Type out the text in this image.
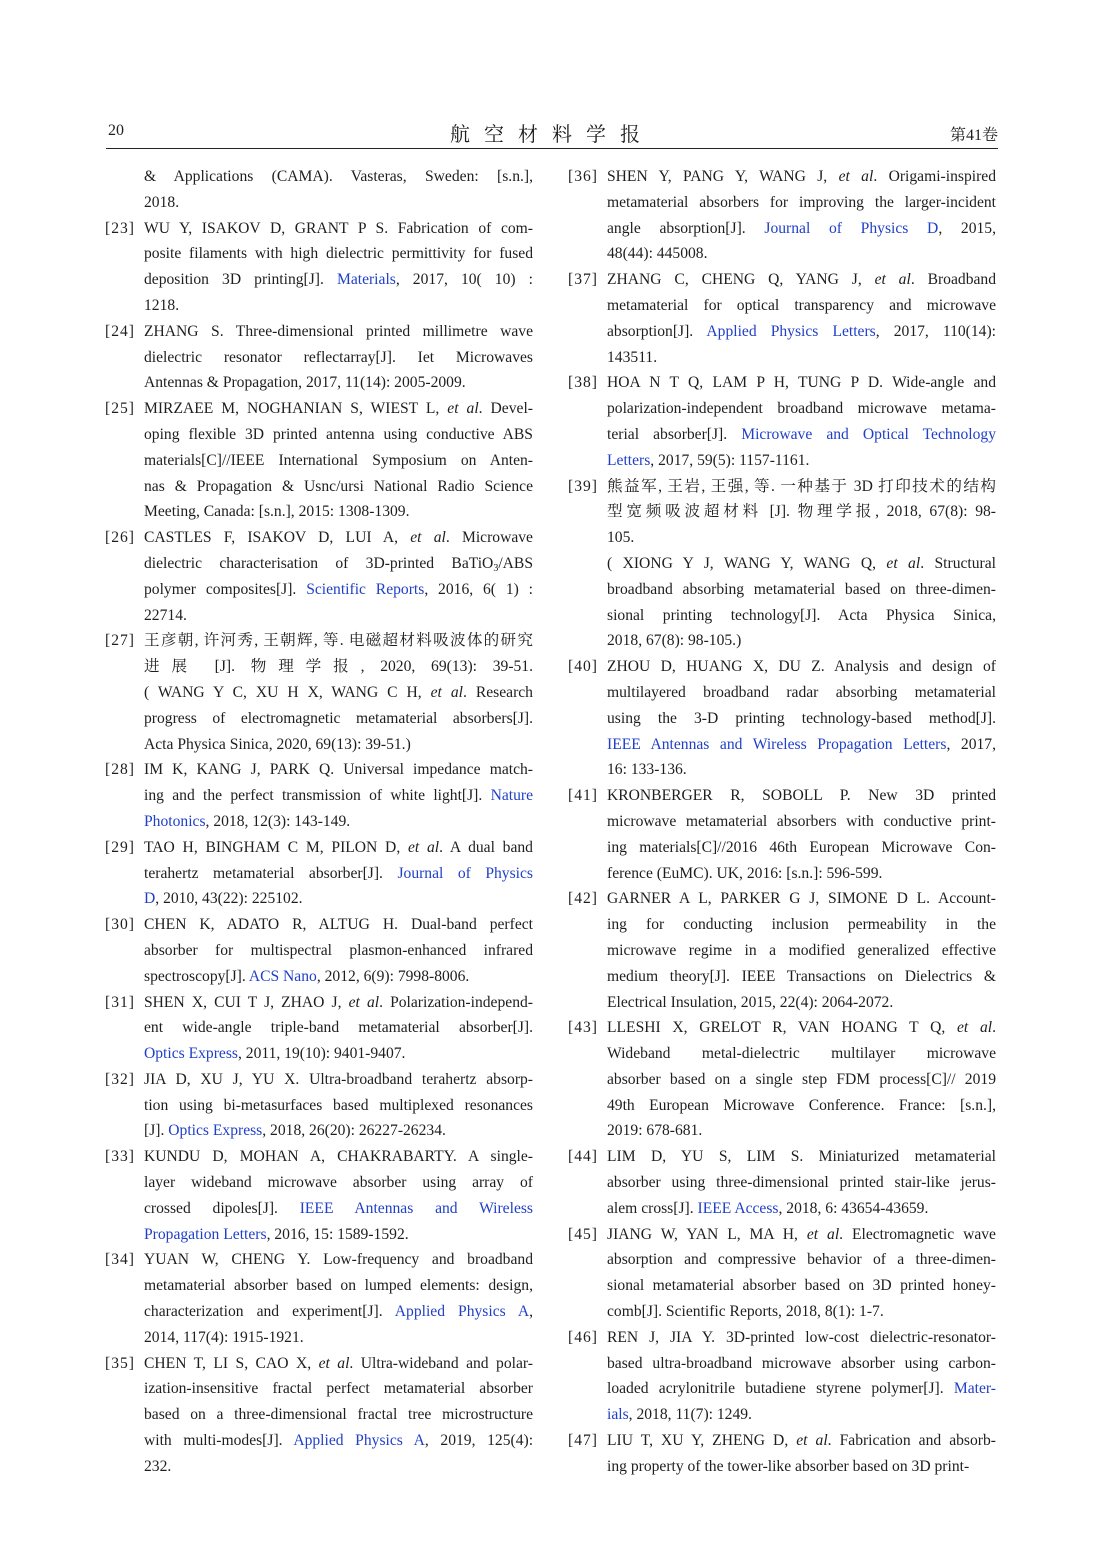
20	航空材料学报	第41卷
& Applications (CAMA). Vasteras, Sweden: [s.n.],
2018.
[23] WU Y, ISAKOV D, GRANT P S. Fabrication of com-
posite filaments with high dielectric permittivity for fused
deposition 3D printing[J]. Materials, 2017, 10( 10) :
1218.
[24] ZHANG S. Three-dimensional printed millimetre wave
dielectric resonator reflectarray[J]. Iet Microwaves
Antennas & Propagation, 2017, 11(14): 2005-2009.
[25] MIRZAEE M, NOGHANIAN S, WIEST L, et al. Devel-
oping flexible 3D printed antenna using conductive ABS
materials[C]//IEEE International Symposium on Anten-
nas & Propagation & Usnc/ursi National Radio Science
Meeting, Canada: [s.n.], 2015: 1308-1309.
[26] CASTLES F, ISAKOV D, LUI A, et al. Microwave
dielectric characterisation of 3D-printed BaTiO$_3$/ABS
polymer composites[J]. Scientific Reports, 2016, 6( 1) :
22714.
[27] 王彦朝, 许河秀, 王朝辉, 等. 电磁超材料吸波体的研究
进展 [J]. 物理学报, 2020, 69(13): 39-51.
( WANG Y C, XU H X, WANG C H, et al. Research
progress of electromagnetic metamaterial absorbers[J].
Acta Physica Sinica, 2020, 69(13): 39-51.)
[28] IM K, KANG J, PARK Q. Universal impedance match-
ing and the perfect transmission of white light[J]. Nature
Photonics, 2018, 12(3): 143-149.
[29] TAO H, BINGHAM C M, PILON D, et al. A dual band
terahertz metamaterial absorber[J]. Journal of Physics
D, 2010, 43(22): 225102.
[30] CHEN K, ADATO R, ALTUG H. Dual-band perfect
absorber for multispectral plasmon-enhanced infrared
spectroscopy[J]. ACS Nano, 2012, 6(9): 7998-8006.
[31] SHEN X, CUI T J, ZHAO J, et al. Polarization-independ-
ent wide-angle triple-band metamaterial absorber[J].
Optics Express, 2011, 19(10): 9401-9407.
[32] JIA D, XU J, YU X. Ultra-broadband terahertz absorp-
tion using bi-metasurfaces based multiplexed resonances
[J]. Optics Express, 2018, 26(20): 26227-26234.
[33] KUNDU D, MOHAN A, CHAKRABARTY. A single-
layer wideband microwave absorber using array of
crossed dipoles[J]. IEEE Antennas and Wireless
Propagation Letters, 2016, 15: 1589-1592.
[34] YUAN W, CHENG Y. Low-frequency and broadband
metamaterial absorber based on lumped elements: design,
characterization and experiment[J]. Applied Physics A,
2014, 117(4): 1915-1921.
[35] CHEN T, LI S, CAO X, et al. Ultra-wideband and polar-
ization-insensitive fractal perfect metamaterial absorber
based on a three-dimensional fractal tree microstructure
with multi-modes[J]. Applied Physics A, 2019, 125(4):
232.
[36] SHEN Y, PANG Y, WANG J, et al. Origami-inspired
metamaterial absorbers for improving the larger-incident
angle absorption[J]. Journal of Physics D, 2015,
48(44): 445008.
[37] ZHANG C, CHENG Q, YANG J, et al. Broadband
metamaterial for optical transparency and microwave
absorption[J]. Applied Physics Letters, 2017, 110(14):
143511.
[38] HOA N T Q, LAM P H, TUNG P D. Wide-angle and
polarization-independent broadband microwave metama-
terial absorber[J]. Microwave and Optical Technology
Letters, 2017, 59(5): 1157-1161.
[39] 熊益军, 王岩, 王强, 等. 一种基于 3D 打印技术的结构
型宽频吸波超材料 [J]. 物理学报, 2018, 67(8): 98-
105.
( XIONG Y J, WANG Y, WANG Q, et al. Structural
broadband absorbing metamaterial based on three-dimen-
sional printing technology[J]. Acta Physica Sinica,
2018, 67(8): 98-105.)
[40] ZHOU D, HUANG X, DU Z. Analysis and design of
multilayered broadband radar absorbing metamaterial
using the 3-D printing technology-based method[J].
IEEE Antennas and Wireless Propagation Letters, 2017,
16: 133-136.
[41] KRONBERGER R, SOBOLL P. New 3D printed
microwave metamaterial absorbers with conductive print-
ing materials[C]//2016 46th European Microwave Con-
ference (EuMC). UK, 2016: [s.n.]: 596-599.
[42] GARNER A L, PARKER G J, SIMONE D L. Account-
ing for conducting inclusion permeability in the
microwave regime in a modified generalized effective
medium theory[J]. IEEE Transactions on Dielectrics &
Electrical Insulation, 2015, 22(4): 2064-2072.
[43] LLESHI X, GRELOT R, VAN HOANG T Q, et al.
Wideband metal-dielectric multilayer microwave
absorber based on a single step FDM process[C]// 2019
49th European Microwave Conference. France: [s.n.],
2019: 678-681.
[44] LIM D, YU S, LIM S. Miniaturized metamaterial
absorber using three-dimensional printed stair-like jerus-
alem cross[J]. IEEE Access, 2018, 6: 43654-43659.
[45] JIANG W, YAN L, MA H, et al. Electromagnetic wave
absorption and compressive behavior of a three-dimen-
sional metamaterial absorber based on 3D printed honey-
comb[J]. Scientific Reports, 2018, 8(1): 1-7.
[46] REN J, JIA Y. 3D-printed low-cost dielectric-resonator-
based ultra-broadband microwave absorber using carbon-
loaded acrylonitrile butadiene styrene polymer[J]. Mater-
ials, 2018, 11(7): 1249.
[47] LIU T, XU Y, ZHENG D, et al. Fabrication and absorb-
ing property of the tower-like absorber based on 3D print-
